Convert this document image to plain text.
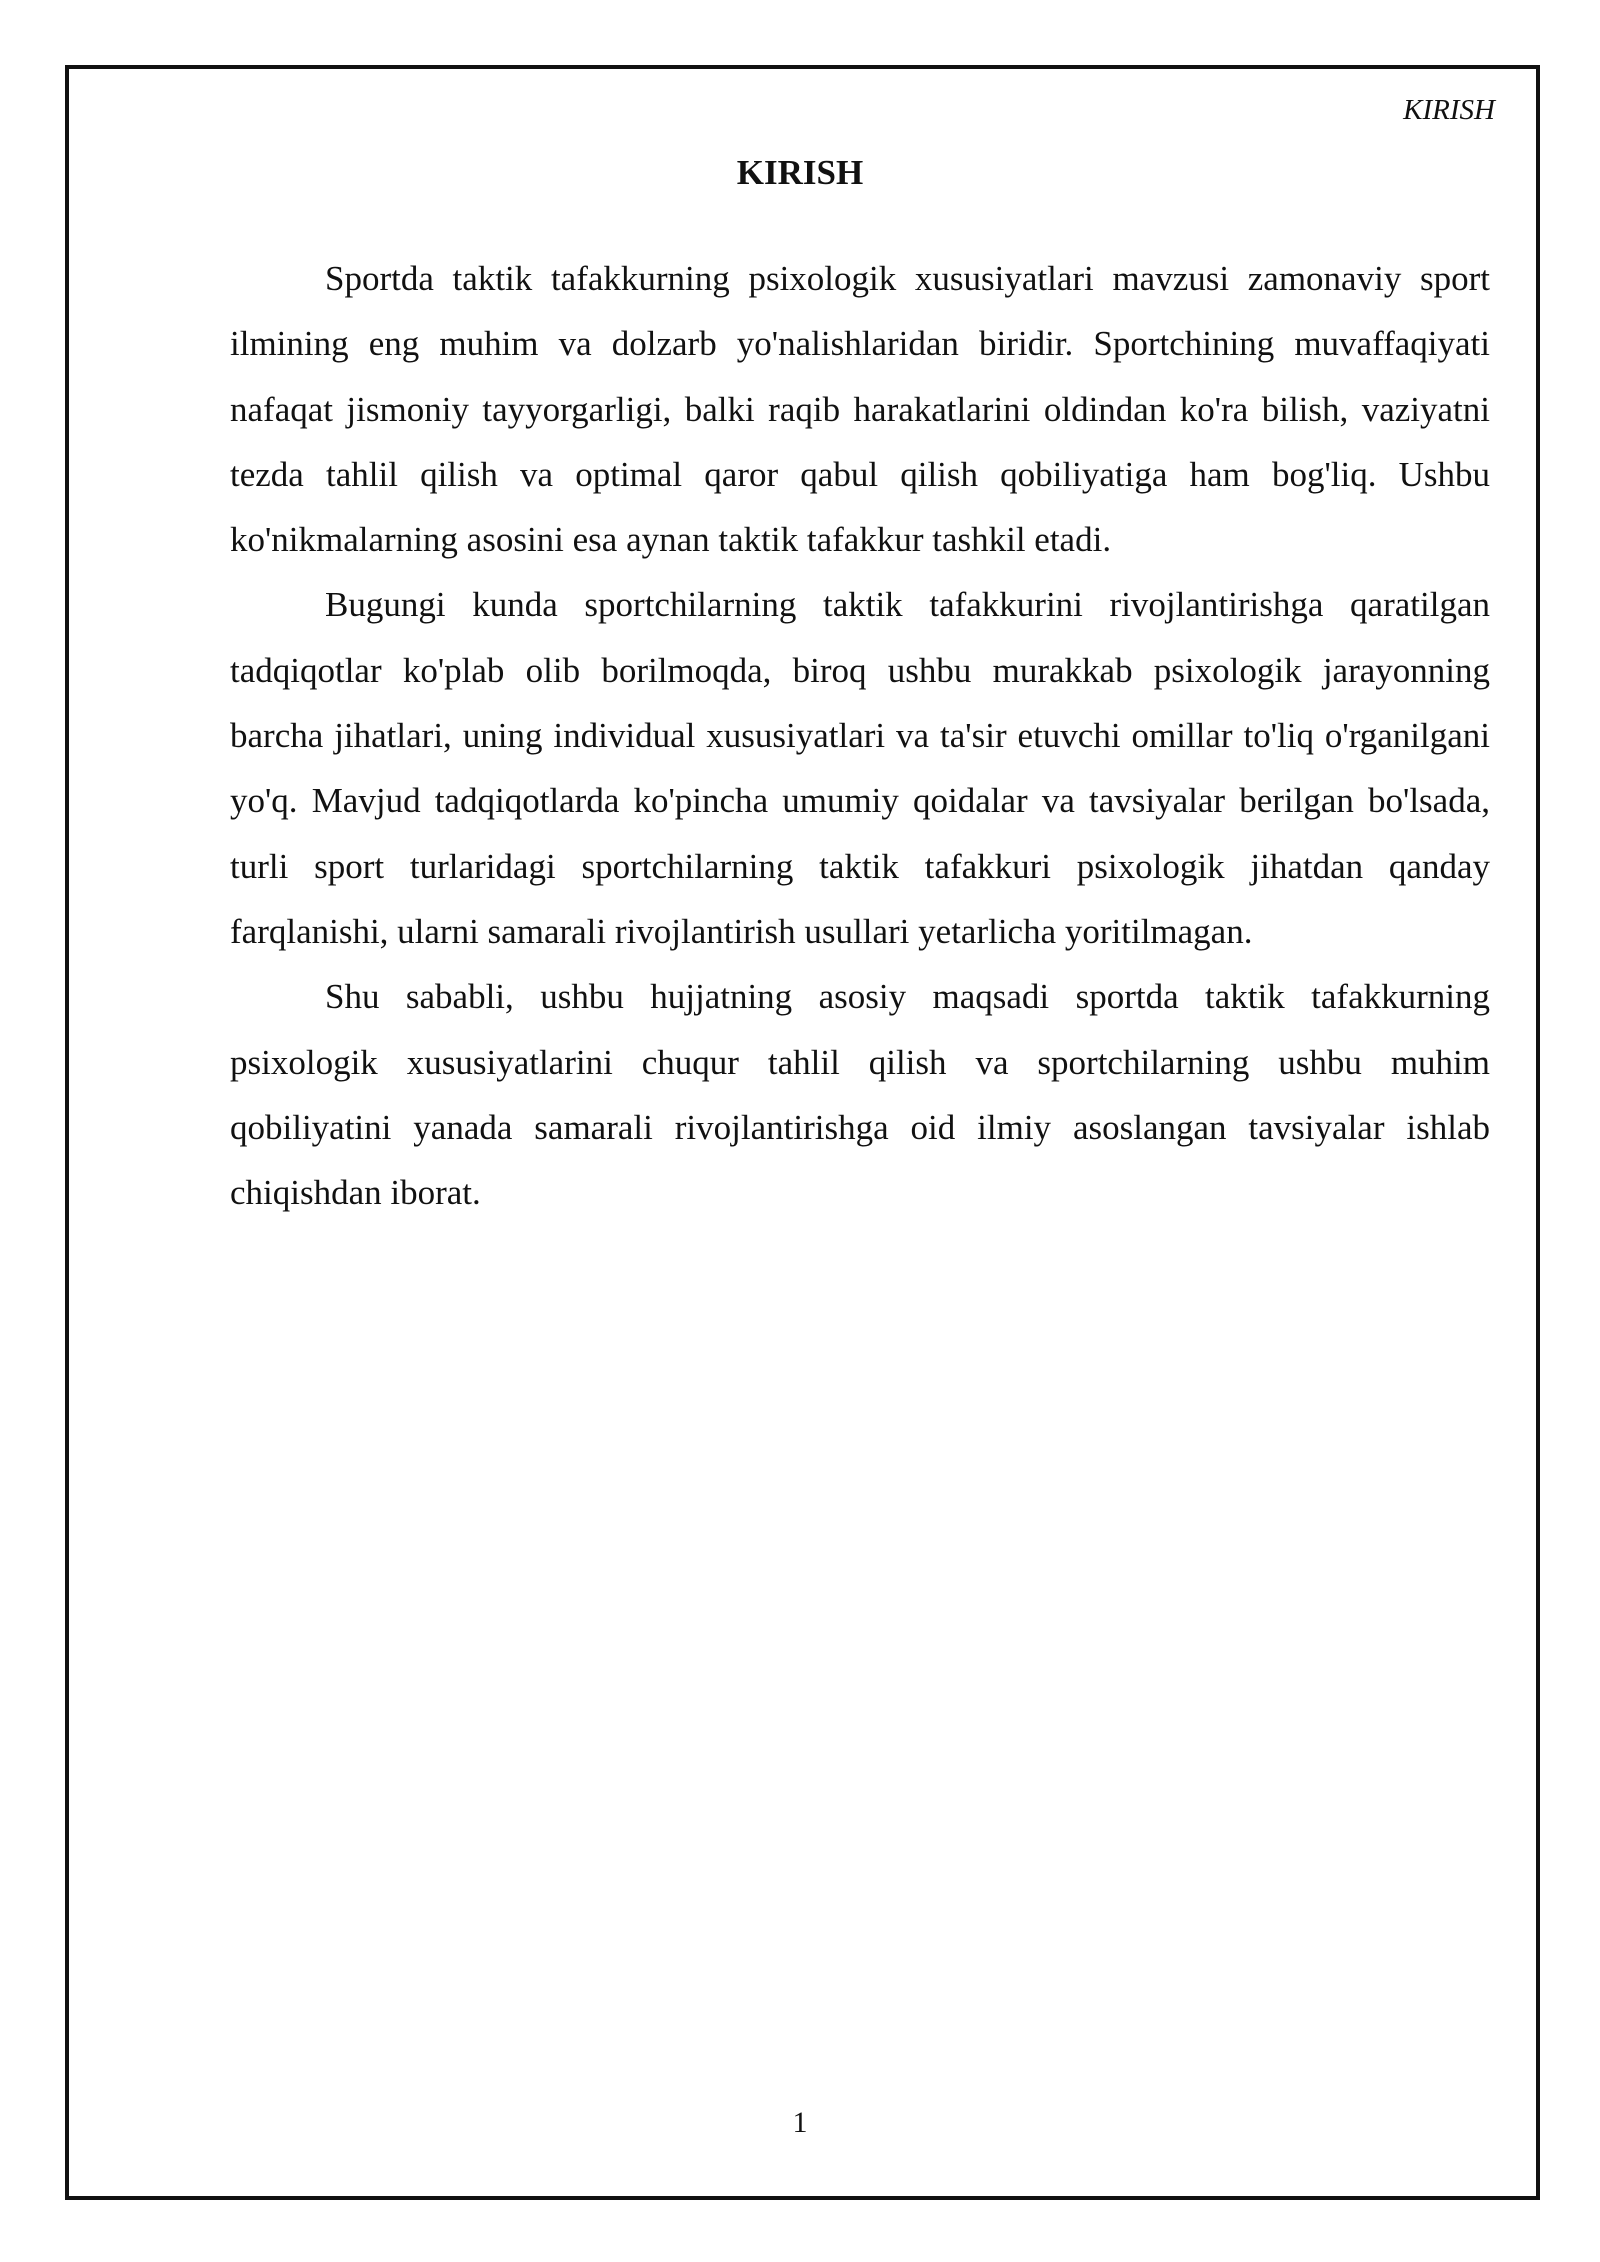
KIRISH
KIRISH

Sportda taktik tafakkurning psixologik xususiyatlari mavzusi zamonaviy sport ilmining eng muhim va dolzarb yo'nalishlaridan biridir. Sportchining muvaffaqiyati nafaqat jismoniy tayyorgarligi, balki raqib harakatlarini oldindan ko'ra bilish, vaziyatni tezda tahlil qilish va optimal qaror qabul qilish qobiliyatiga ham bog'liq. Ushbu ko'nikmalarning asosini esa aynan taktik tafakkur tashkil etadi.

Bugungi kunda sportchilarning taktik tafakkurini rivojlantirishga qaratilgan tadqiqotlar ko'plab olib borilmoqda, biroq ushbu murakkab psixologik jarayonning barcha jihatlari, uning individual xususiyatlari va ta'sir etuvchi omillar to'liq o'rganilgani yo'q. Mavjud tadqiqotlarda ko'pincha umumiy qoidalar va tavsiyalar berilgan bo'lsada, turli sport turlaridagi sportchilarning taktik tafakkuri psixologik jihatdan qanday farqlanishi, ularni samarali rivojlantirish usullari yetarlicha yoritilmagan.

Shu sababli, ushbu hujjatning asosiy maqsadi sportda taktik tafakkurning psixologik xususiyatlarini chuqur tahlil qilish va sportchilarning ushbu muhim qobiliyatini yanada samarali rivojlantirishga oid ilmiy asoslangan tavsiyalar ishlab chiqishdan iborat.

1
